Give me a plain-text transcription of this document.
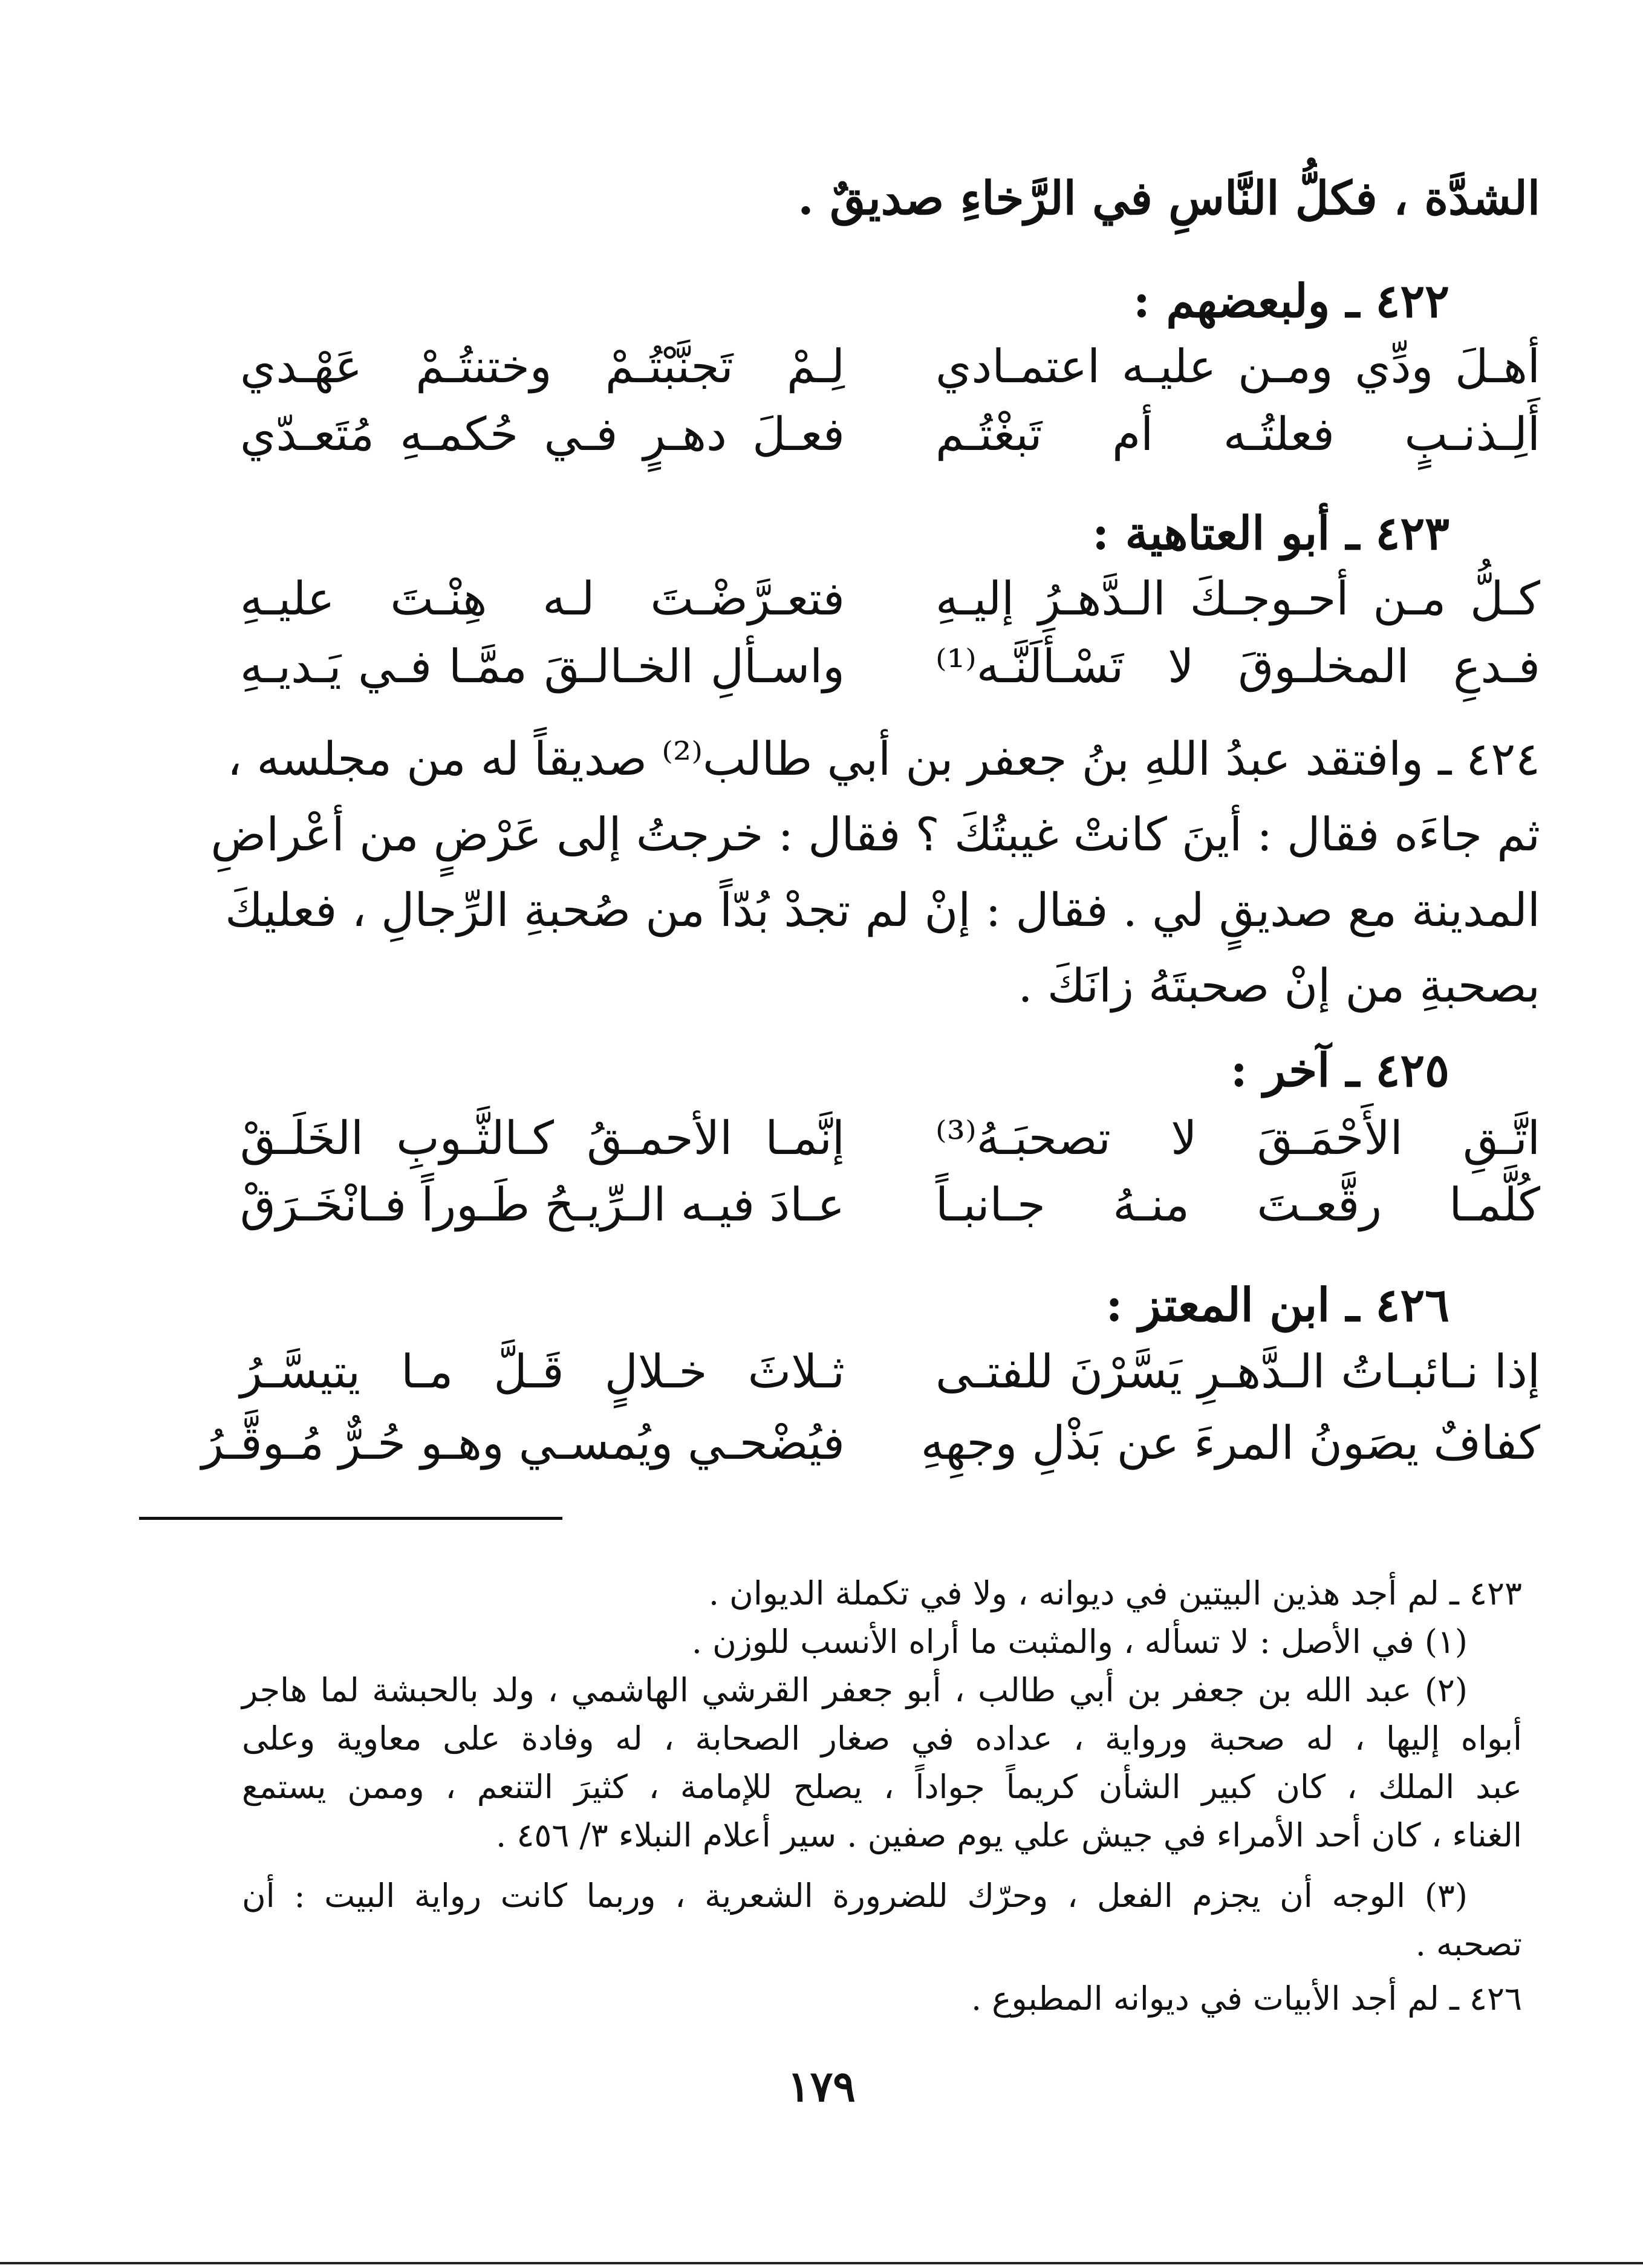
الشدَّة ، فكلُّ النَّاسِ في الرَّخاءِ صديقٌ .
٤٢٢ ـ ولبعضهم :
أهـلَ ودِّي ومـن عليـه اعتمـادي
لِـمْ تَجنَّبْتُـمْ وختنتُـمْ عَهْـدي
أَلِـذنـبٍ فعلتُـه أم تَبغْتُـم
فعـلَ دهـرٍ فـي حُكمـهِ مُتَعـدّي
٤٢٣ ـ أبو العتاهية :
كـلُّ مـن أحـوجـكَ الـدَّهـرُ إليـهِ
فتعـرَّضْـتَ لـه هِنْـتَ عليـهِ
فـدعِ المخلـوقَ لا تَسْـأَلَنَّـه⁽¹⁾
واسـألِ الخـالـقَ ممَّـا فـي يَـديـهِ
٤٢٤ ـ وافتقد عبدُ اللهِ بنُ جعفر بن أبي طالب⁽²⁾ صديقاً له من مجلسه ،
ثم جاءَه فقال : أينَ كانتْ غيبتُكَ ؟ فقال : خرجتُ إلى عَرْضٍ من أعْراضِ
المدينة مع صديقٍ لي . فقال : إنْ لم تجدْ بُدّاً من صُحبةِ الرِّجالِ ، فعليكَ
بصحبةِ من إنْ صحبتَهُ زانَكَ .
٤٢٥ ـ آخر :
اتَّـقِ الأَحْمَـقَ لا تصحبَـهُ⁽³⁾
إنَّمـا الأحمـقُ كـالثَّـوبِ الخَلَـقْ
كُلَّمـا رقَّعـتَ منـهُ جـانبـاً
عـادَ فيـه الـرِّيـحُ طَـوراً فـانْخَـرَقْ
٤٢٦ ـ ابن المعتز :
إذا نـائبـاتُ الـدَّهـرِ يَسَّرْنَ للفتـى
ثـلاثَ خـلالٍ قَـلَّ مـا يتيسَّـرُ
كفافٌ يصَونُ المرءَ عن بَذْلِ وجهِهِ
فيُضْحـي ويُمسـي وهـو حُـرٌّ مُـوقَّـرُ
٤٢٣ ـ لم أجد هذين البيتين في ديوانه ، ولا في تكملة الديوان .
(١) في الأصل : لا تسأله ، والمثبت ما أراه الأنسب للوزن .
(٢) عبد الله بن جعفر بن أبي طالب ، أبو جعفر القرشي الهاشمي ، ولد بالحبشة لما هاجر
أبواه إليها ، له صحبة ورواية ، عداده في صغار الصحابة ، له وفادة على معاوية وعلى
عبد الملك ، كان كبير الشأن كريماً جواداً ، يصلح للإمامة ، كثيرَ التنعم ، وممن يستمع
الغناء ، كان أحد الأمراء في جيش علي يوم صفين . سير أعلام النبلاء ٣/ ٤٥٦ .
(٣) الوجه أن يجزم الفعل ، وحرّك للضرورة الشعرية ، وربما كانت رواية البيت : أن
تصحبه .
٤٢٦ ـ لم أجد الأبيات في ديوانه المطبوع .
١٧٩
